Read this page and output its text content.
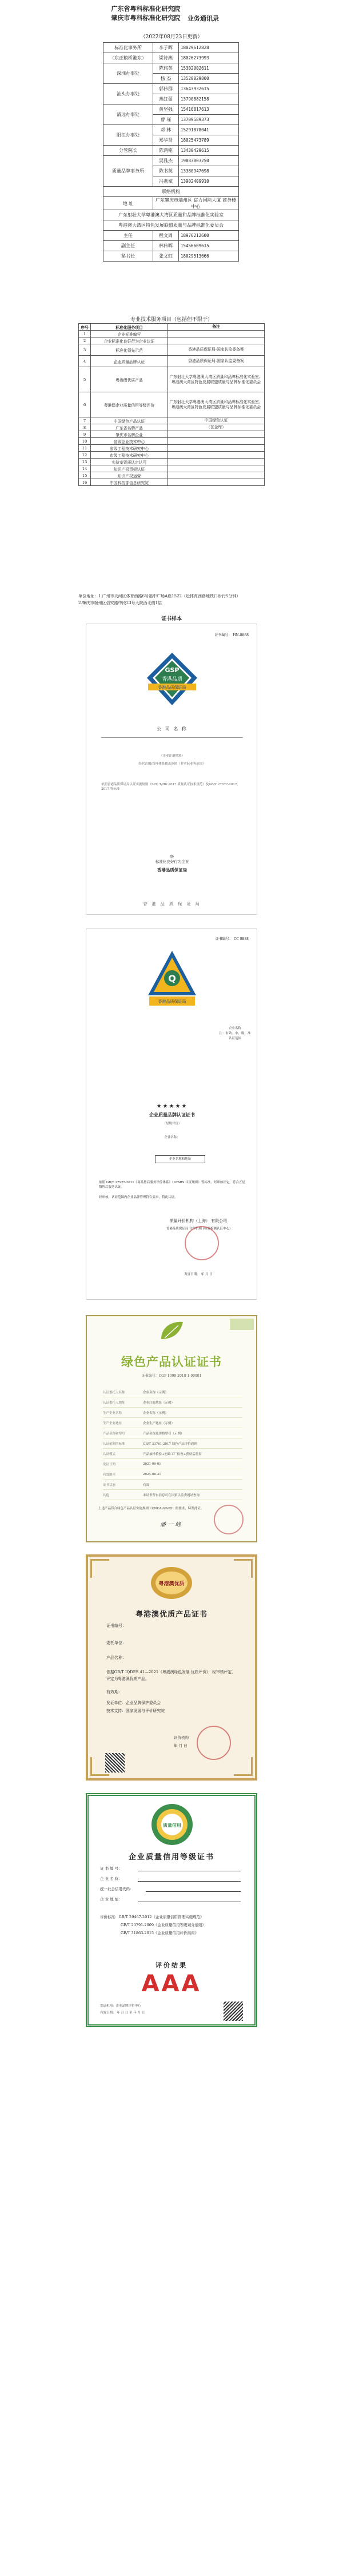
广东省粤科标准化研究院
肇庆市粤科标准化研究院	业务通讯录
（2022年08月23日更新）
标准化事务所	李子晖	18029612828
（东正粮桥港东）	梁诗燕	18026273993
深圳办事处	陈伟英	15302002611
	杨 杰	13520029800
汕头办事处	郭伟群	13643932615
	燕红蕾	13790882158
清远办事处	黄坚强	15416817613
	曹 瑾	13709589373
阳江办事处	邓 林	15291878041
	郑华贤	18025473789
分管院长	陈鸿铭	13430429615
质量品牌事务所	吴雅杰	19883003250
	陈书英	13380947698
	冯燕斌	13902409910
联络机构		
地 址	广东肇庆市端州区 富力国际大厦 商务楼中心	
广东射壮大学粤港澳大湾区质量和品牌标准化实验室		
粤港澳大湾区特色发展联盟质量与品牌标准化委员会		
主任	程文周	18976212600
副主任	林伟晖	15456609615
秘书长	张文虹	18029513666
专业技术服务项目（包括但不限于）
序号	标准化服务项目	备注
1	企业标准编写	
2	企业标准化良好行为企业认证	
3	标准化领先示范	香港品质保证局-国家认监委备案
4	企业质量品牌认证	香港品质保证局-国家认监委备案
5	粤港澳优质产品	广东射壮大学粤港澳大湾区质量和品牌标准化实验室、粤港澳大湾区特色发展联盟质量与品牌标准化委员会
6	粤港澳企业质量信用等级评价	广东射壮大学粤港澳大湾区质量和品牌标准化实验室、粤港澳大湾区特色发展联盟质量与品牌标准化委员会
7	中国绿色产品认证	中国绿色认证
8	广东省名牌产品	（在企库）
9	肇庆市名牌企业	
10	省级企业技术中心	
11	省级工程技术研究中心	
12	市级工程技术研究中心	
13	实验室资质认定认可	
14	知识产权贯标认证	
15	知识产权运营	
16	中国科技部信息研究院	
单位地址：1.广州市天河区体育西路6号福中广场A座1522（近体育西路地铁口步行5分钟）
2.肇庆市端州区信安路中段23号大院西北侧1层
证书样本
证书编号： HN-8888
GSP
香港品质
香港品质保证局
公 司 名 称
（企业注册地址）
经营范围/管理体系覆盖范围（非实际业务范围）
依照香港品质保证局认证实施规则（SPC T/HK 2017 质量认证技术规范）及GB/T 27677-2017, 2017 等标准
级
标准化良好行为企业
香港品质保证局
香 港 品 质 保 证 局
证书编号： CC 8888
Q
香港品质保证局
企业名称
注：有效、中、级、准
认证范围
★★★★★
企业质量品牌认证证书
（星级评价）
企业名称：
企业名称和地址
依照 GB/T 27925-2011《商品售后服务评价体系》（STARS 认证规则）等标准，经审核评定，符合五星级售后服务认证。
经审核，认证范围内企业品牌管理符合要求，特此认证。
质量评价机构（上海） 有限公司
香港品质保证局 合作机构 (检验检测认证中心)
发证日期： 年 月 日
绿色产品认证证书
证书编号：CGP 1099-2018-1-00001
认证委托人名称	企业名称（示例）
认证委托人地址	企业注册地址（示例）
生产企业名称	企业名称（示例）
生产企业地址	企业生产地址（示例）
产品名称和型号	产品名称及规格型号（示例）
认证依据的标准	GB/T 33761-2017 绿色产品评价通则
认证模式	产品抽样检验+初始工厂检查+获证后监督
发证日期	2021-09-01
有效期至	2024-08-31
证书状态	有效
其他	本证书所有信息可在国家认监委网站查询
上述产品符合绿色产品认证实施规则（CNCA-GP-05）的要求，特发此证。
潘 一 峰
粤港澳优质
粤港澳优质产品证书
证书编号：
委托单位：
产品名称：
依据GB/T IQDES 41—2021《粤港澳绿色发展 优质评价》，经审核评定，评定为粤港澳优质产品。
有效期：
发证单位：企业品牌保护委员会
技术支持：国家发展与评价研究院
评价机构
年 月 日
质量信用
企业质量信用等级证书
证 书 编 号：
企 业 名 称：
统一社会信用代码：
企 业 地 址：
评价标准：GB/T 29467-2012《企业质量信用管理实施规范》
GB/T 23791-2009《企业质量信用等级划分通则》
GB/T 31863-2015《企业质量信用评价指南》
评价结果
AAA
发证机构：企业品牌评价中心
有效日期： 年 月 日 至 年 月 日
